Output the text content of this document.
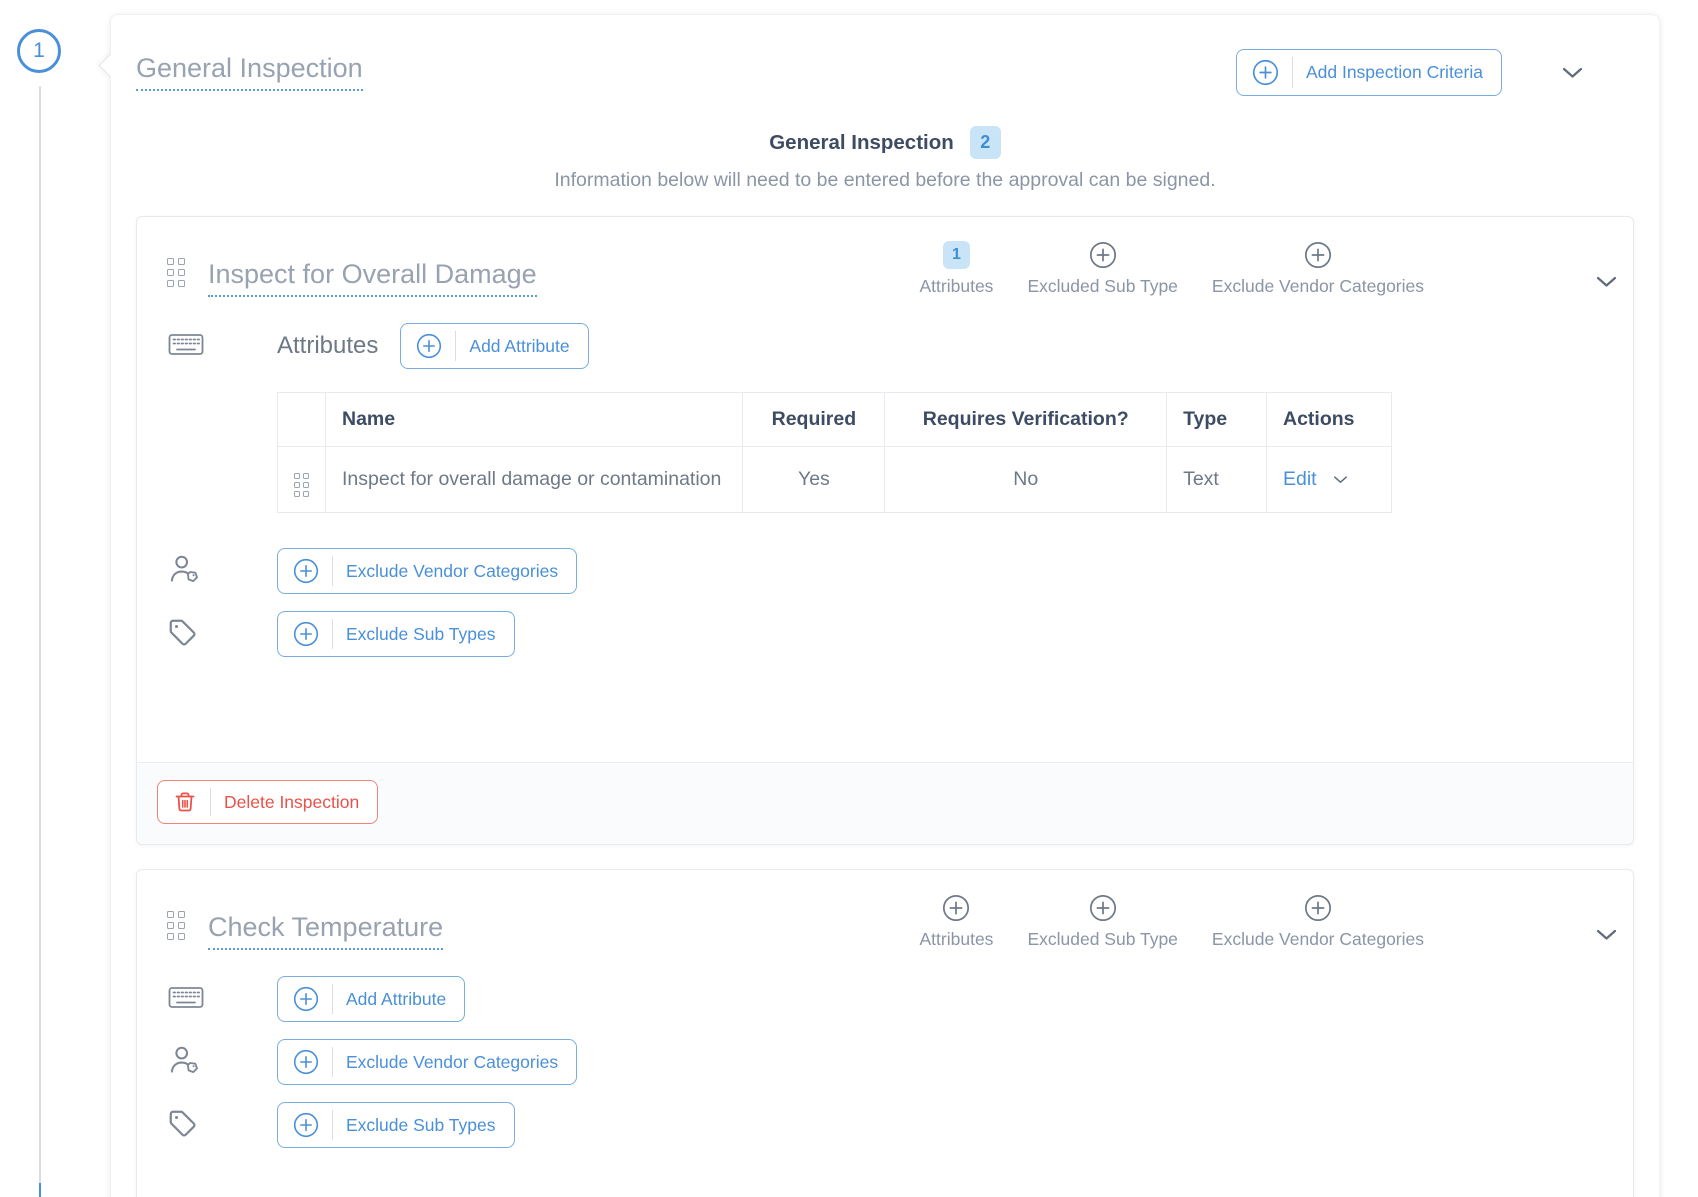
1
General Inspection	Add Inspection Criteria
General Inspection	2

Information below will need to be entered before the approval can be signed.

Inspect for Overall Damage
1
Attributes Excluded Sub Type Exclude Vendor Categories
Attributes	Add Attribute
	Name	Required	Requires Verification?	Type	Actions

	Inspect for overall damage or contamination	Yes	No	Text	Edit
Exclude Vendor Categories
Exclude Sub Types
Delete Inspection
Check Temperature	Attributes Excluded Sub Type Exclude Vendor Categories
Add Attribute
Exclude Vendor Categories
Exclude Sub Types
